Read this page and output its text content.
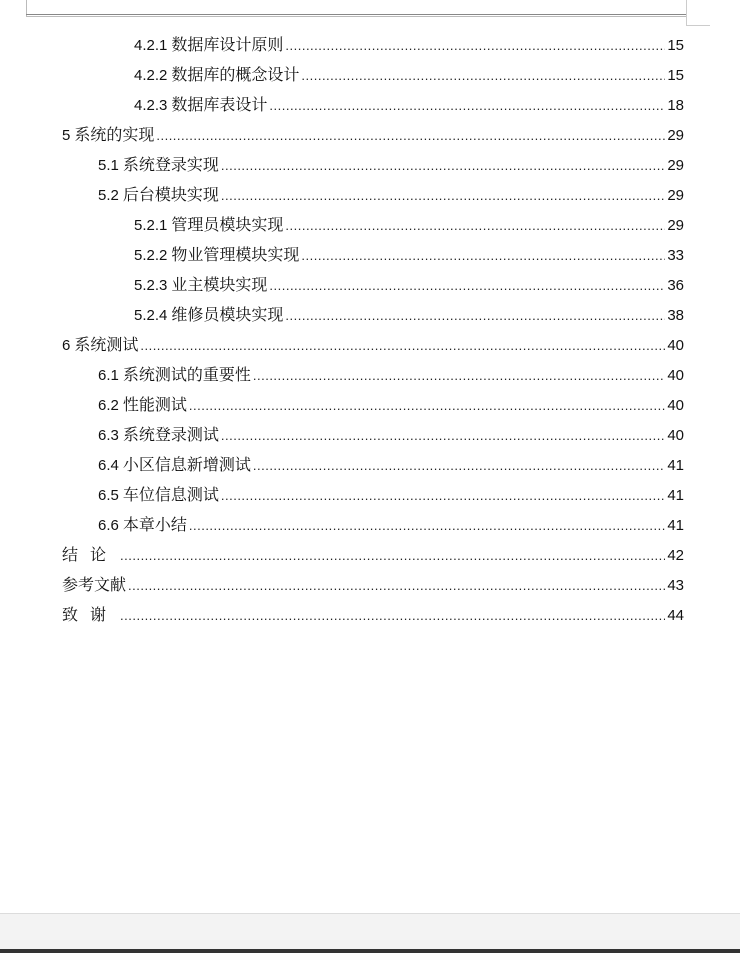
4.2.1 数据库设计原则 .....	15
4.2.2 数据库的概念设计 .....	15
4.2.3 数据库表设计 .....	18
5 系统的实现 .....	29
5.1 系统登录实现 .....	29
5.2 后台模块实现 .....	29
5.2.1 管理员模块实现 .....	29
5.2.2 物业管理模块实现 .....	33
5.2.3 业主模块实现 .....	36
5.2.4 维修员模块实现 .....	38
6 系统测试 .....	40
6.1 系统测试的重要性 .....	40
6.2 性能测试 .....	40
6.3 系统登录测试 .....	40
6.4 小区信息新增测试 .....	41
6.5 车位信息测试 .....	41
6.6 本章小结 .....	41
结论 .....	42
参考文献 .....	43
致谢 .....	44
